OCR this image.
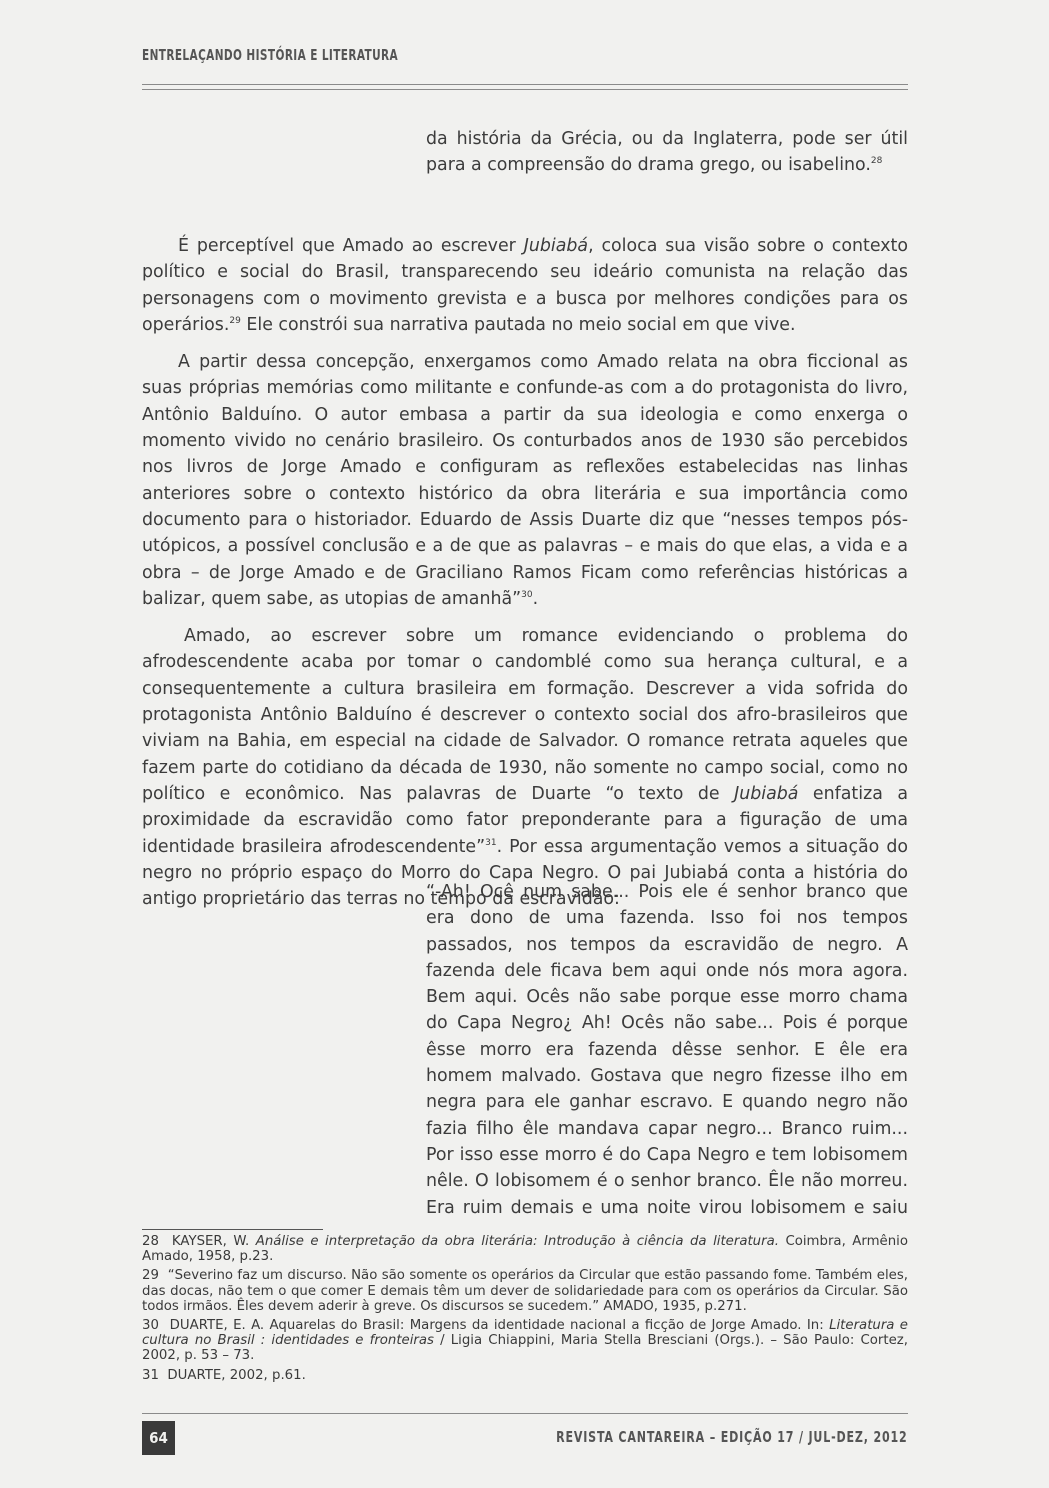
ENTRELAÇANDO HISTÓRIA E LITERATURA
da história da Grécia, ou da Inglaterra, pode ser útil para a compreensão do drama grego, ou isabelino.$^{28}$

É perceptível que Amado ao escrever Jubiabá, coloca sua visão sobre o contexto político e social do Brasil, transparecendo seu ideário comunista na relação das personagens com o movimento grevista e a busca por melhores condições para os operários.$^{29}$ Ele constrói sua narrativa pautada no meio social em que vive.

A partir dessa concepção, enxergamos como Amado relata na obra ficcional as suas próprias memórias como militante e confunde-as com a do protagonista do livro, Antônio Balduíno. O autor embasa a partir da sua ideologia e como enxerga o momento vivido no cenário brasileiro. Os conturbados anos de 1930 são percebidos nos livros de Jorge Amado e configuram as reflexões estabelecidas nas linhas anteriores sobre o contexto histórico da obra literária e sua importância como documento para o historiador. Eduardo de Assis Duarte diz que “nesses tempos pós-utópicos, a possível conclusão e a de que as palavras – e mais do que elas, a vida e a obra – de Jorge Amado e de Graciliano Ramos Ficam como referências históricas a balizar, quem sabe, as utopias de amanhã”$^{30}$.

Amado, ao escrever sobre um romance evidenciando o problema do afrodescendente acaba por tomar o candomblé como sua herança cultural, e a consequentemente a cultura brasileira em formação. Descrever a vida sofrida do protagonista Antônio Balduíno é descrever o contexto social dos afro-brasileiros que viviam na Bahia, em especial na cidade de Salvador. O romance retrata aqueles que fazem parte do cotidiano da década de 1930, não somente no campo social, como no político e econômico. Nas palavras de Duarte “o texto de Jubiabá enfatiza a proximidade da escravidão como fator preponderante para a figuração de uma identidade brasileira afrodescendente”$^{31}$. Por essa argumentação vemos a situação do negro no próprio espaço do Morro do Capa Negro. O pai Jubiabá conta a história do antigo proprietário das terras no tempo da escravidão:

“-Ah! Ocê num sabe... Pois ele é senhor branco que era dono de uma fazenda. Isso foi nos tempos passados, nos tempos da escravidão de negro. A fazenda dele ficava bem aqui onde nós mora agora. Bem aqui. Ocês não sabe porque esse morro chama do Capa Negro¿ Ah! Ocês não sabe... Pois é porque êsse morro era fazenda dêsse senhor. E êle era homem malvado. Gostava que negro fizesse ilho em negra para ele ganhar escravo. E quando negro não fazia filho êle mandava capar negro... Branco ruim... Por isso esse morro é do Capa Negro e tem lobisomem nêle. O lobisomem é o senhor branco. Êle não morreu. Era ruim demais e uma noite virou lobisomem e saiu

28 KAYSER, W. Análise e interpretação da obra literária: Introdução à ciência da literatura. Coimbra, Armênio Amado, 1958, p.23.

29 “Severino faz um discurso. Não são somente os operários da Circular que estão passando fome. Também eles, das docas, não tem o que comer E demais têm um dever de solidariedade para com os operários da Circular. São todos irmãos. Êles devem aderir à greve. Os discursos se sucedem.” AMADO, 1935, p.271.

30 DUARTE, E. A. Aquarelas do Brasil: Margens da identidade nacional a ficção de Jorge Amado. In: Literatura e cultura no Brasil : identidades e fronteiras / Ligia Chiappini, Maria Stella Bresciani (Orgs.). – São Paulo: Cortez, 2002, p. 53 – 73.

31 DUARTE, 2002, p.61.

64	REVISTA CANTAREIRA – EDIÇÃO 17 / JUL-DEZ, 2012
